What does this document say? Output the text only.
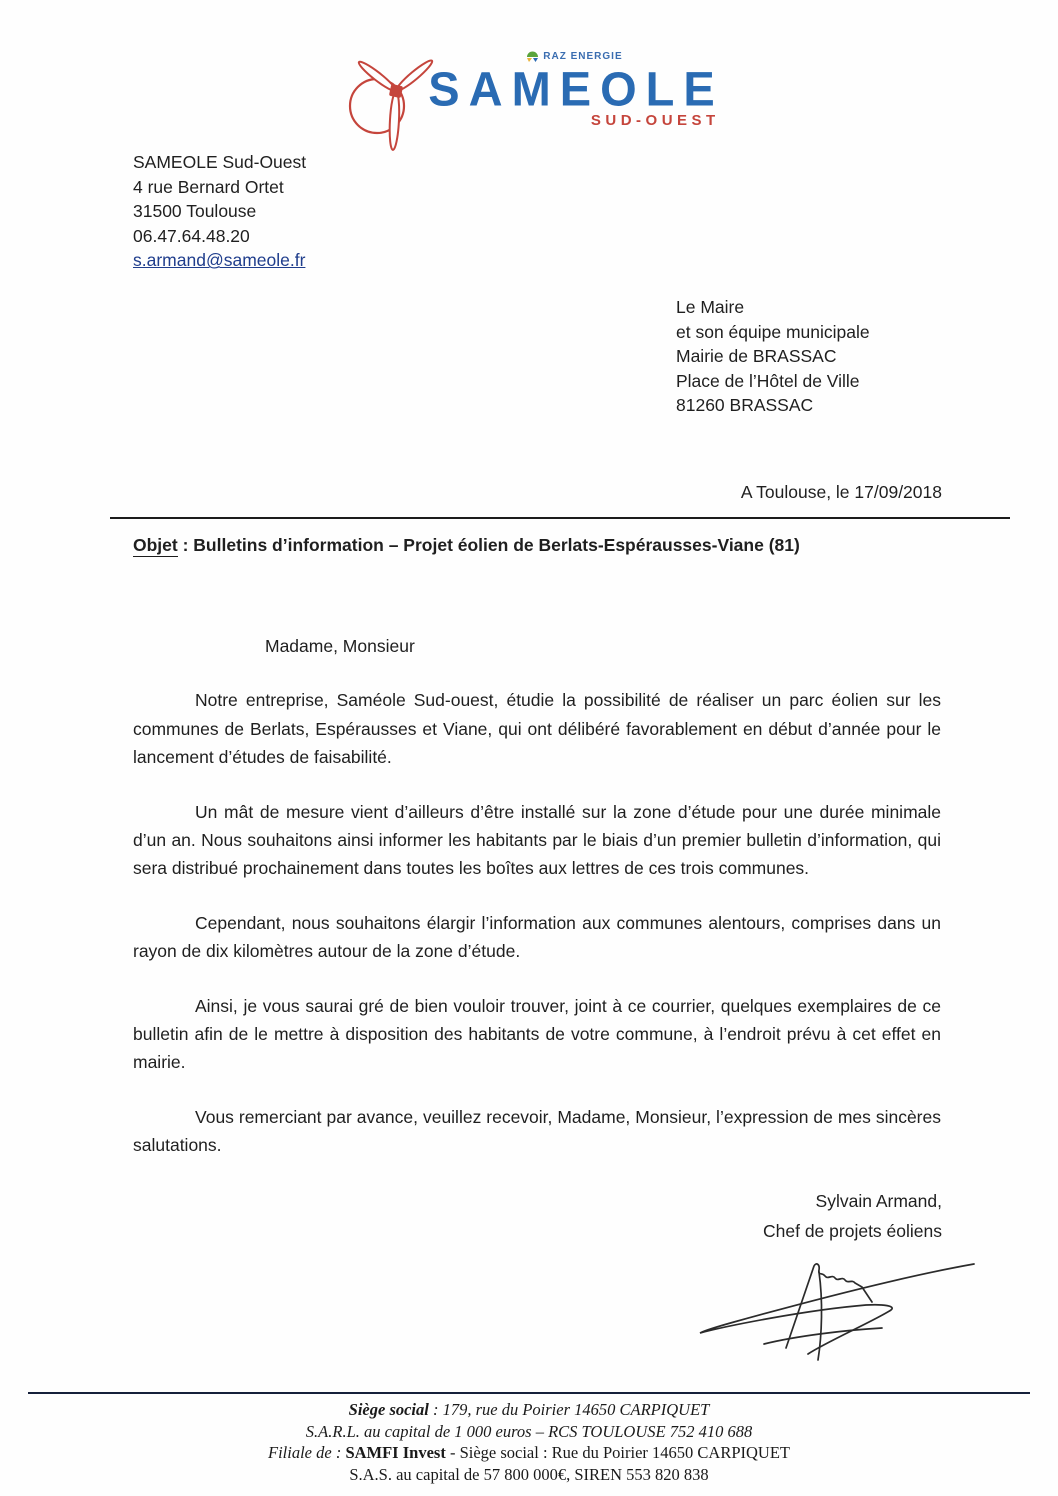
RAZ ENERGIE
SAMEOLE
SUD-OUEST
SAMEOLE Sud-Ouest
4 rue Bernard Ortet
31500 Toulouse
06.47.64.48.20
s.armand@sameole.fr
Le Maire
et son équipe municipale
Mairie de BRASSAC
Place de l’Hôtel de Ville
81260 BRASSAC
A Toulouse, le 17/09/2018
Objet : Bulletins d’information – Projet éolien de Berlats-Espérausses-Viane (81)
Madame, Monsieur

Notre entreprise, Saméole Sud-ouest, étudie la possibilité de réaliser un parc éolien sur les communes de Berlats, Espérausses et Viane, qui ont délibéré favorablement en début d’année pour le lancement d’études de faisabilité.

Un mât de mesure vient d’ailleurs d’être installé sur la zone d’étude pour une durée minimale d’un an. Nous souhaitons ainsi informer les habitants par le biais d’un premier bulletin d’information, qui sera distribué prochainement dans toutes les boîtes aux lettres de ces trois communes.

Cependant, nous souhaitons élargir l’information aux communes alentours, comprises dans un rayon de dix kilomètres autour de la zone d’étude.

Ainsi, je vous saurai gré de bien vouloir trouver, joint à ce courrier, quelques exemplaires de ce bulletin afin de le mettre à disposition des habitants de votre commune, à l’endroit prévu à cet effet en mairie.

Vous remerciant par avance, veuillez recevoir, Madame, Monsieur, l’expression de mes sincères salutations.

Sylvain Armand,
Chef de projets éoliens
Siège social : 179, rue du Poirier 14650 CARPIQUET
S.A.R.L. au capital de 1 000 euros – RCS TOULOUSE 752 410 688
Filiale de : SAMFI Invest - Siège social : Rue du Poirier 14650 CARPIQUET
S.A.S. au capital de 57 800 000€, SIREN 553 820 838
